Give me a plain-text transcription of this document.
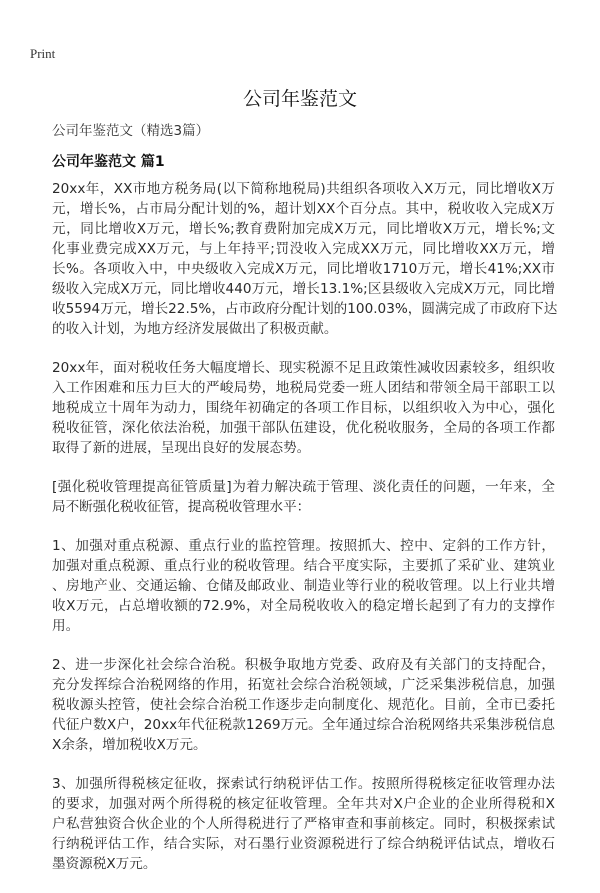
Print
公司年鉴范文
公司年鉴范文（精选3篇）
公司年鉴范文 篇1
20xx年，XX市地方税务局(以下简称地税局)共组织各项收入X万元，同比增收X万
元，增长%，占市局分配计划的%，超计划XX个百分点。其中，税收收入完成X万
元，同比增收X万元，增长%;教育费附加完成X万元，同比增收X万元，增长%;文
化事业费完成XX万元，与上年持平;罚没收入完成XX万元，同比增收XX万元，增
长%。各项收入中，中央级收入完成X万元，同比增收1710万元，增长41%;XX市
级收入完成X万元，同比增收440万元，增长13.1%;区县级收入完成X万元，同比增
收5594万元，增长22.5%，占市政府分配计划的100.03%，圆满完成了市政府下达
的收入计划，为地方经济发展做出了积极贡献。
20xx年，面对税收任务大幅度增长、现实税源不足且政策性减收因素较多，组织收
入工作困难和压力巨大的严峻局势，地税局党委一班人团结和带领全局干部职工以
地税成立十周年为动力，围绕年初确定的各项工作目标，以组织收入为中心，强化
税收征管，深化依法治税，加强干部队伍建设，优化税收服务，全局的各项工作都
取得了新的进展，呈现出良好的发展态势。
[强化税收管理提高征管质量]为着力解决疏于管理、淡化责任的问题，一年来，全
局不断强化税收征管，提高税收管理水平：
1、加强对重点税源、重点行业的监控管理。按照抓大、控中、定斜的工作方针，
加强对重点税源、重点行业的税收管理。结合平度实际，主要抓了采矿业、建筑业
、房地产业、交通运输、仓储及邮政业、制造业等行业的税收管理。以上行业共增
收X万元，占总增收额的72.9%，对全局税收收入的稳定增长起到了有力的支撑作
用。
2、进一步深化社会综合治税。积极争取地方党委、政府及有关部门的支持配合，
充分发挥综合治税网络的作用，拓宽社会综合治税领域，广泛采集涉税信息，加强
税收源头控管，使社会综合治税工作逐步走向制度化、规范化。目前，全市已委托
代征户数X户，20xx年代征税款1269万元。全年通过综合治税网络共采集涉税信息
X余条，增加税收X万元。
3、加强所得税核定征收，探索试行纳税评估工作。按照所得税核定征收管理办法
的要求，加强对两个所得税的核定征收管理。全年共对X户企业的企业所得税和X
户私营独资合伙企业的个人所得税进行了严格审查和事前核定。同时，积极探索试
行纳税评估工作，结合实际，对石墨行业资源税进行了综合纳税评估试点，增收石
墨资源税X万元。
